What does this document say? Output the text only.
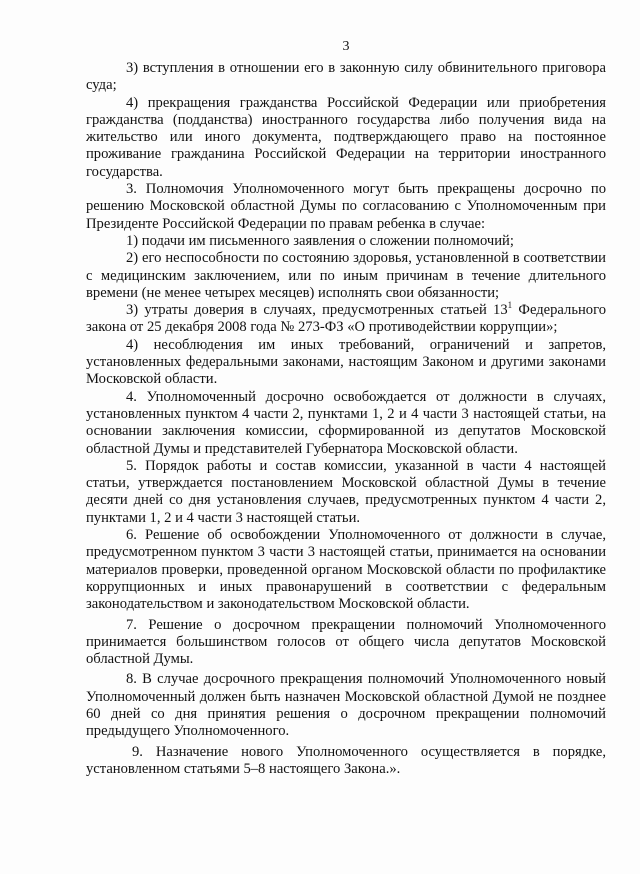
3

3) вступления в отношении его в законную силу обвинительного приговора суда;

4) прекращения гражданства Российской Федерации или приобретения гражданства (подданства) иностранного государства либо получения вида на жительство или иного документа, подтверждающего право на постоянное проживание гражданина Российской Федерации на территории иностранного государства.

3. Полномочия Уполномоченного могут быть прекращены досрочно по решению Московской областной Думы по согласованию с Уполномоченным при Президенте Российской Федерации по правам ребенка в случае:

1) подачи им письменного заявления о сложении полномочий;

2) его неспособности по состоянию здоровья, установленной в соответствии с медицинским заключением, или по иным причинам в течение длительного времени (не менее четырех месяцев) исполнять свои обязанности;

3) утраты доверия в случаях, предусмотренных статьей $13^1$ Федерального закона от 25 декабря 2008 года № 273-ФЗ «О противодействии коррупции»;

4) несоблюдения им иных требований, ограничений и запретов, установленных федеральными законами, настоящим Законом и другими законами Московской области.

4. Уполномоченный досрочно освобождается от должности в случаях, установленных пунктом 4 части 2, пунктами 1, 2 и 4 части 3 настоящей статьи, на основании заключения комиссии, сформированной из депутатов Московской областной Думы и представителей Губернатора Московской области.

5. Порядок работы и состав комиссии, указанной в части 4 настоящей статьи, утверждается постановлением Московской областной Думы в течение десяти дней со дня установления случаев, предусмотренных пунктом 4 части 2, пунктами 1, 2 и 4 части 3 настоящей статьи.

6. Решение об освобождении Уполномоченного от должности в случае, предусмотренном пунктом 3 части 3 настоящей статьи, принимается на основании материалов проверки, проведенной органом Московской области по профилактике коррупционных и иных правонарушений в соответствии с федеральным законодательством и законодательством Московской области.

7. Решение о досрочном прекращении полномочий Уполномоченного принимается большинством голосов от общего числа депутатов Московской областной Думы.

8. В случае досрочного прекращения полномочий Уполномоченного новый Уполномоченный должен быть назначен Московской областной Думой не позднее 60 дней со дня принятия решения о досрочном прекращении полномочий предыдущего Уполномоченного.

9. Назначение нового Уполномоченного осуществляется в порядке, установленном статьями 5–8 настоящего Закона.».
